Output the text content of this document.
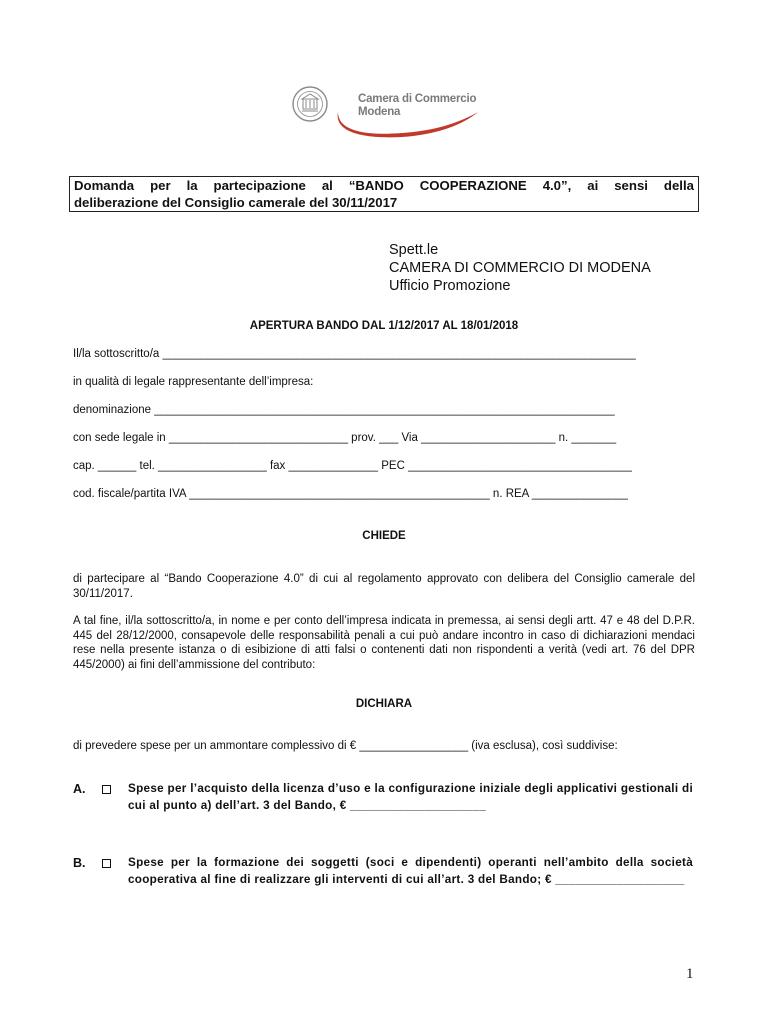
Camera di Commercio
Modena
Domanda per la partecipazione al “BANDO COOPERAZIONE 4.0”, ai sensi della
deliberazione del Consiglio camerale del 30/11/2017
Spett.le
CAMERA DI COMMERCIO DI MODENA
Ufficio Promozione
APERTURA BANDO DAL 1/12/2017 AL 18/01/2018
Il/la sottoscritto/a __________________________________________________________________________
in qualità di legale rappresentante dell’impresa:
denominazione ________________________________________________________________________
con sede legale in ____________________________ prov. ___ Via _____________________ n. _______
cap. ______ tel. _________________ fax ______________ PEC ___________________________________
cod. fiscale/partita IVA _______________________________________________ n. REA _______________
CHIEDE
di partecipare al “Bando Cooperazione 4.0” di cui al regolamento approvato con delibera del Consiglio camerale del 30/11/2017.
A tal fine, il/la sottoscritto/a, in nome e per conto dell’impresa indicata in premessa, ai sensi degli artt. 47 e 48 del D.P.R. 445 del 28/12/2000, consapevole delle responsabilità penali a cui può andare incontro in caso di dichiarazioni mendaci rese nella presente istanza o di esibizione di atti falsi o contenenti dati non rispondenti a verità (vedi art. 76 del DPR 445/2000) ai fini dell’ammissione del contributo:
DICHIARA
di prevedere spese per un ammontare complessivo di € _________________ (iva esclusa), così suddivise:
A.	Spese per l’acquisto della licenza d’uso e la configurazione iniziale degli applicativi gestionali di cui al punto a) dell’art. 3 del Bando, € ____________________
B.	Spese per la formazione dei soggetti (soci e dipendenti) operanti nell’ambito della società cooperativa al fine di realizzare gli interventi di cui all’art. 3 del Bando; € ___________________
1
